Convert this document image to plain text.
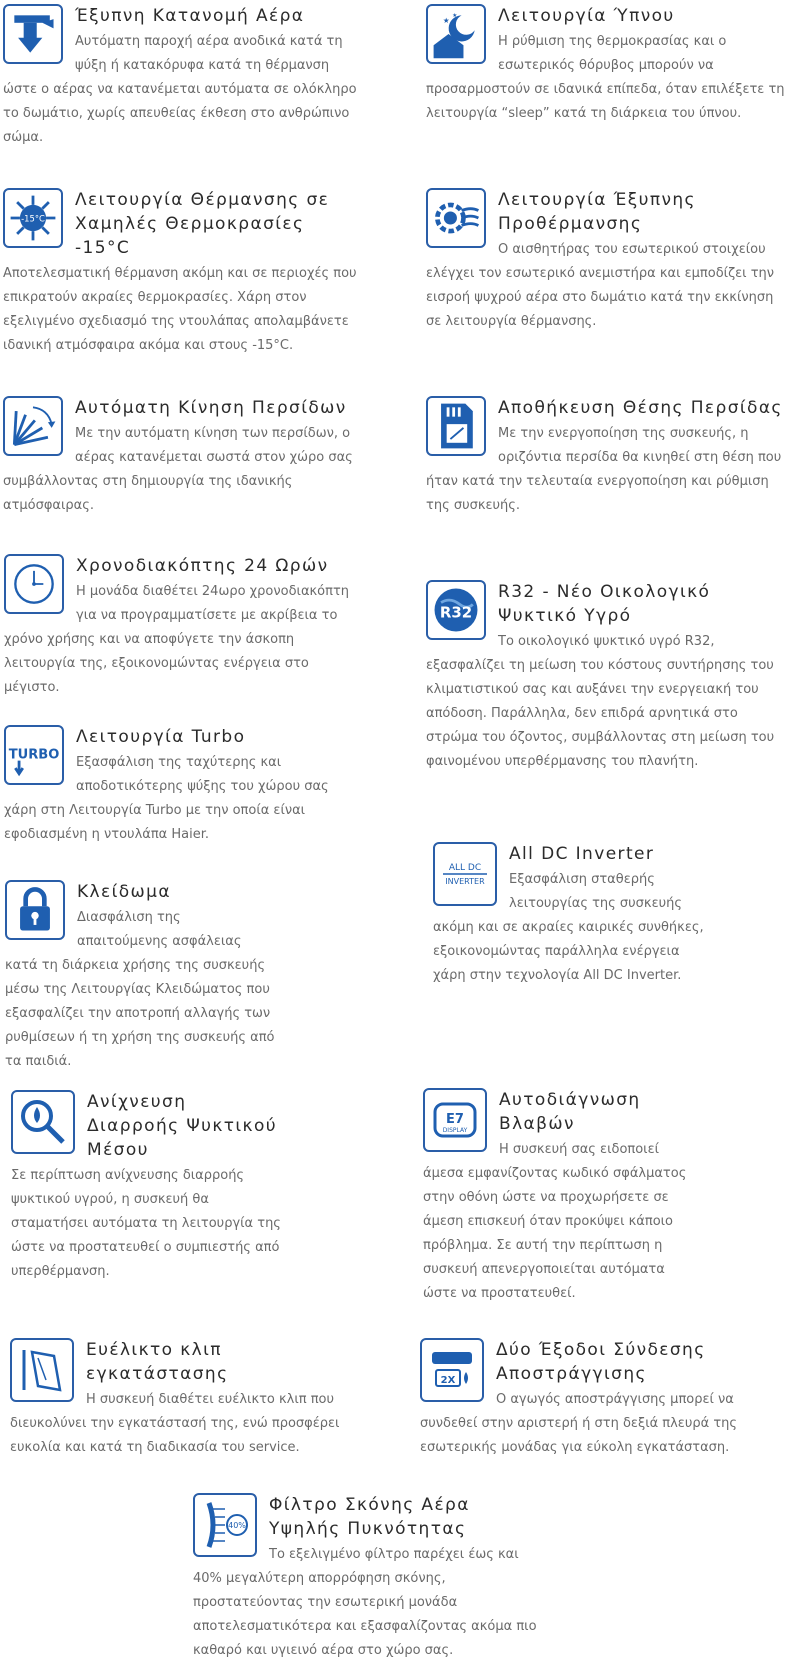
Έξυπνη Κατανομή Αέρα

Αυτόματη παροχή αέρα ανοδικά κατά τη ψύξη ή κατακόρυφα κατά τη θέρμανση ώστε ο αέρας να κατανέμεται αυτόματα σε ολόκληρο το δωμάτιο, χωρίς απευθείας έκθεση στο ανθρώπινο σώμα.

★ ★	Λειτουργία Ύπνου

Η ρύθμιση της θερμοκρασίας και ο εσωτερικός θόρυβος μπορούν να προσαρμοστούν σε ιδανικά επίπεδα, όταν επιλέξετε τη λειτουργία “sleep” κατά τη διάρκεια του ύπνου.

-15°C
Λειτουργία Θέρμανσης σε Χαμηλές Θερμοκρασίες -15°C

Αποτελεσματική θέρμανση ακόμη και σε περιοχές που επικρατούν ακραίες θερμοκρασίες. Χάρη στον εξελιγμένο σχεδιασμό της ντουλάπας απολαμβάνετε ιδανική ατμόσφαιρα ακόμα και στους -15°C.

Λειτουργία Έξυπνης Προθέρμανσης

Ο αισθητήρας του εσωτερικού στοιχείου ελέγχει τον εσωτερικό ανεμιστήρα και εμποδίζει την εισροή ψυχρού αέρα στο δωμάτιο κατά την εκκίνηση σε λειτουργία θέρμανσης.

Αυτόματη Κίνηση Περσίδων

Με την αυτόματη κίνηση των περσίδων, ο αέρας κατανέμεται σωστά στον χώρο σας συμβάλλοντας στη δημιουργία της ιδανικής ατμόσφαιρας.

Αποθήκευση Θέσης Περσίδας

Με την ενεργοποίηση της συσκευής, η οριζόντια περσίδα θα κινηθεί στη θέση που ήταν κατά την τελευταία ενεργοποίηση και ρύθμιση της συσκευής.

Χρονοδιακόπτης 24 Ωρών

Η μονάδα διαθέτει 24ωρο χρονοδιακόπτη για να προγραμματίσετε με ακρίβεια το χρόνο χρήσης και να αποφύγετε την άσκοπη λειτουργία της, εξοικονομώντας ενέργεια στο μέγιστο.

R32
R32 - Νέο Οικολογικό Ψυκτικό Υγρό

Το οικολογικό ψυκτικό υγρό R32, εξασφαλίζει τη μείωση του κόστους συντήρησης του κλιματιστικού σας και αυξάνει την ενεργειακή του απόδοση. Παράλληλα, δεν επιδρά αρνητικά στο στρώμα του όζοντος, συμβάλλοντας στη μείωση του φαινομένου υπερθέρμανσης του πλανήτη.

TURBO
Λειτουργία Turbo

Εξασφάλιση της ταχύτερης και αποδοτικότερης ψύξης του χώρου σας χάρη στη Λειτουργία Turbo με την οποία είναι εφοδιασμένη η ντουλάπα Haier.

ALL DC
INVERTER
All DC Inverter

Εξασφάλιση σταθερής λειτουργίας της συσκευής ακόμη και σε ακραίες καιρικές συνθήκες, εξοικονομώντας παράλληλα ενέργεια χάρη στην τεχνολογία All DC Inverter.

Κλείδωμα

Διασφάλιση της απαιτούμενης ασφάλειας κατά τη διάρκεια χρήσης της συσκευής μέσω της Λειτουργίας Κλειδώματος που εξασφαλίζει την αποτροπή αλλαγής των ρυθμίσεων ή τη χρήση της συσκευής από τα παιδιά.

Ανίχνευση Διαρροής Ψυκτικού Μέσου

Σε περίπτωση ανίχνευσης διαρροής ψυκτικού υγρού, η συσκευή θα σταματήσει αυτόματα τη λειτουργία της ώστε να προστατευθεί ο συμπιεστής από υπερθέρμανση.

E7
DISPLAY
Αυτοδιάγνωση Βλαβών

Η συσκευή σας ειδοποιεί άμεσα εμφανίζοντας κωδικό σφάλματος στην οθόνη ώστε να προχωρήσετε σε άμεση επισκευή όταν προκύψει κάποιο πρόβλημα. Σε αυτή την περίπτωση η συσκευή απενεργοποιείται αυτόματα ώστε να προστατευθεί.

Ευέλικτο κλιπ εγκατάστασης

Η συσκευή διαθέτει ευέλικτο κλιπ που διευκολύνει την εγκατάστασή της, ενώ προσφέρει ευκολία και κατά τη διαδικασία του service.

2X
Δύο Έξοδοι Σύνδεσης Αποστράγγισης

Ο αγωγός αποστράγγισης μπορεί να συνδεθεί στην αριστερή ή στη δεξιά πλευρά της εσωτερικής μονάδας για εύκολη εγκατάσταση.

40%
Φίλτρο Σκόνης Αέρα Υψηλής Πυκνότητας

Το εξελιγμένο φίλτρο παρέχει έως και 40% μεγαλύτερη απορρόφηση σκόνης, προστατεύοντας την εσωτερική μονάδα αποτελεσματικότερα και εξασφαλίζοντας ακόμα πιο καθαρό και υγιεινό αέρα στο χώρο σας.
